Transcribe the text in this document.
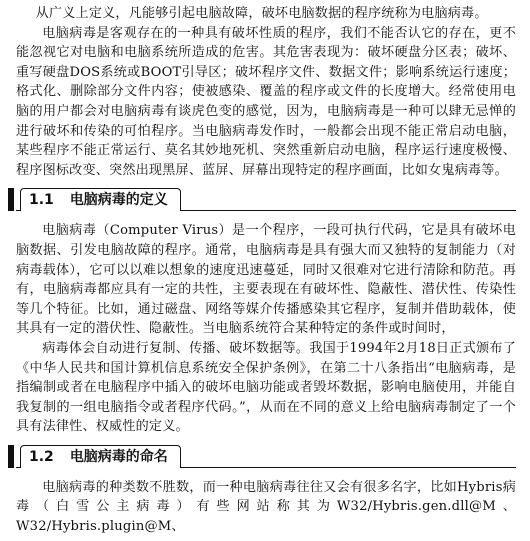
从广义上定义，凡能够引起电脑故障，破坏电脑数据的程序统称为电脑病毒。

电脑病毒是客观存在的一种具有破坏性质的程序，我们不能否认它的存在，更不能忽视它对电脑和电脑系统所造成的危害。其危害表现为：破坏硬盘分区表；破坏、重写硬盘DOS系统或BOOT引导区；破坏程序文件、数据文件；影响系统运行速度；格式化、删除部分文件内容；使被感染、覆盖的程序或文件的长度增大。经常使用电脑的用户都会对电脑病毒有谈虎色变的感觉，因为，电脑病毒是一种可以肆无忌惮的进行破坏和传染的可怕程序。当电脑病毒发作时，一般都会出现不能正常启动电脑，某些程序不能正常运行、莫名其妙地死机、突然重新启动电脑，程序运行速度极慢、程序图标改变、突然出现黑屏、蓝屏、屏幕出现特定的程序画面，比如女鬼病毒等。

1.1 电脑病毒的定义

电脑病毒（Computer Virus）是一个程序，一段可执行代码，它是具有破坏电脑数据、引发电脑故障的程序。通常，电脑病毒是具有强大而又独特的复制能力（对病毒载体），它可以以难以想象的速度迅速蔓延，同时又很难对它进行清除和防范。再有，电脑病毒都应具有一定的共性，主要表现在有破坏性、隐蔽性、潜伏性、传染性等几个特征。比如，通过磁盘、网络等媒介传播感染其它程序，复制并借助载体，使其具有一定的潜伏性、隐蔽性。当电脑系统符合某种特定的条件或时间时，

病毒体会自动进行复制、传播、破坏数据等。我国于1994年2月18日正式颁布了《中华人民共和国计算机信息系统安全保护条例》，在第二十八条指出“电脑病毒，是指编制或者在电脑程序中插入的破坏电脑功能或者毁坏数据，影响电脑使用，并能自我复制的一组电脑指令或者程序代码。”，从而在不同的意义上给电脑病毒制定了一个具有法律性、权威性的定义。

1.2 电脑病毒的命名

电脑病毒的种类数不胜数，而一种电脑病毒往往又会有很多名字，比如Hybris病毒（白雪公主病毒）有些网站称其为W32/Hybris.gen.dll@M、W32/Hybris.plugin@M、
